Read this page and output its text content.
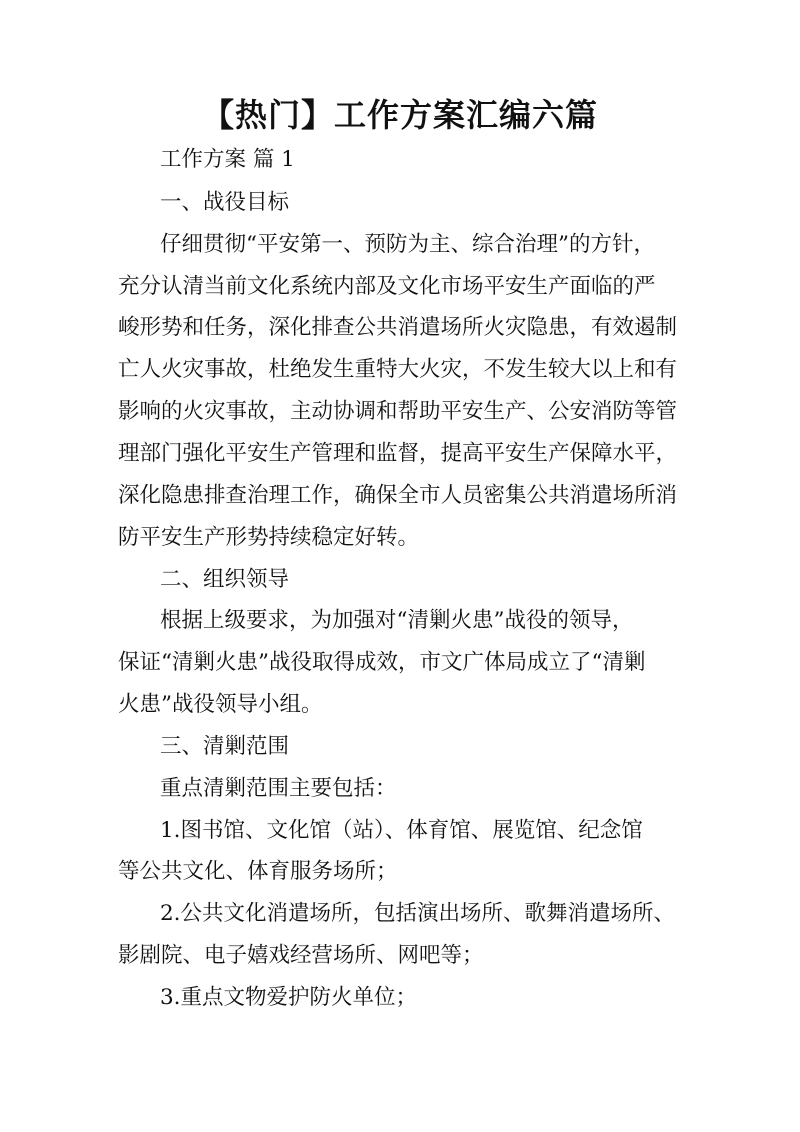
【热门】工作方案汇编六篇
工作方案 篇 1
一、战役目标
仔细贯彻“平安第一、预防为主、综合治理”的方针，
充分认清当前文化系统内部及文化市场平安生产面临的严
峻形势和任务，深化排查公共消遣场所火灾隐患，有效遏制
亡人火灾事故，杜绝发生重特大火灾，不发生较大以上和有
影响的火灾事故，主动协调和帮助平安生产、公安消防等管
理部门强化平安生产管理和监督，提高平安生产保障水平，
深化隐患排查治理工作，确保全市人员密集公共消遣场所消
防平安生产形势持续稳定好转。
二、组织领导
根据上级要求，为加强对“清剿火患”战役的领导，
保证“清剿火患”战役取得成效，市文广体局成立了“清剿
火患”战役领导小组。
三、清剿范围
重点清剿范围主要包括：
1.图书馆、文化馆（站）、体育馆、展览馆、纪念馆
等公共文化、体育服务场所；
2.公共文化消遣场所，包括演出场所、歌舞消遣场所、
影剧院、电子嬉戏经营场所、网吧等；
3.重点文物爱护防火单位；
